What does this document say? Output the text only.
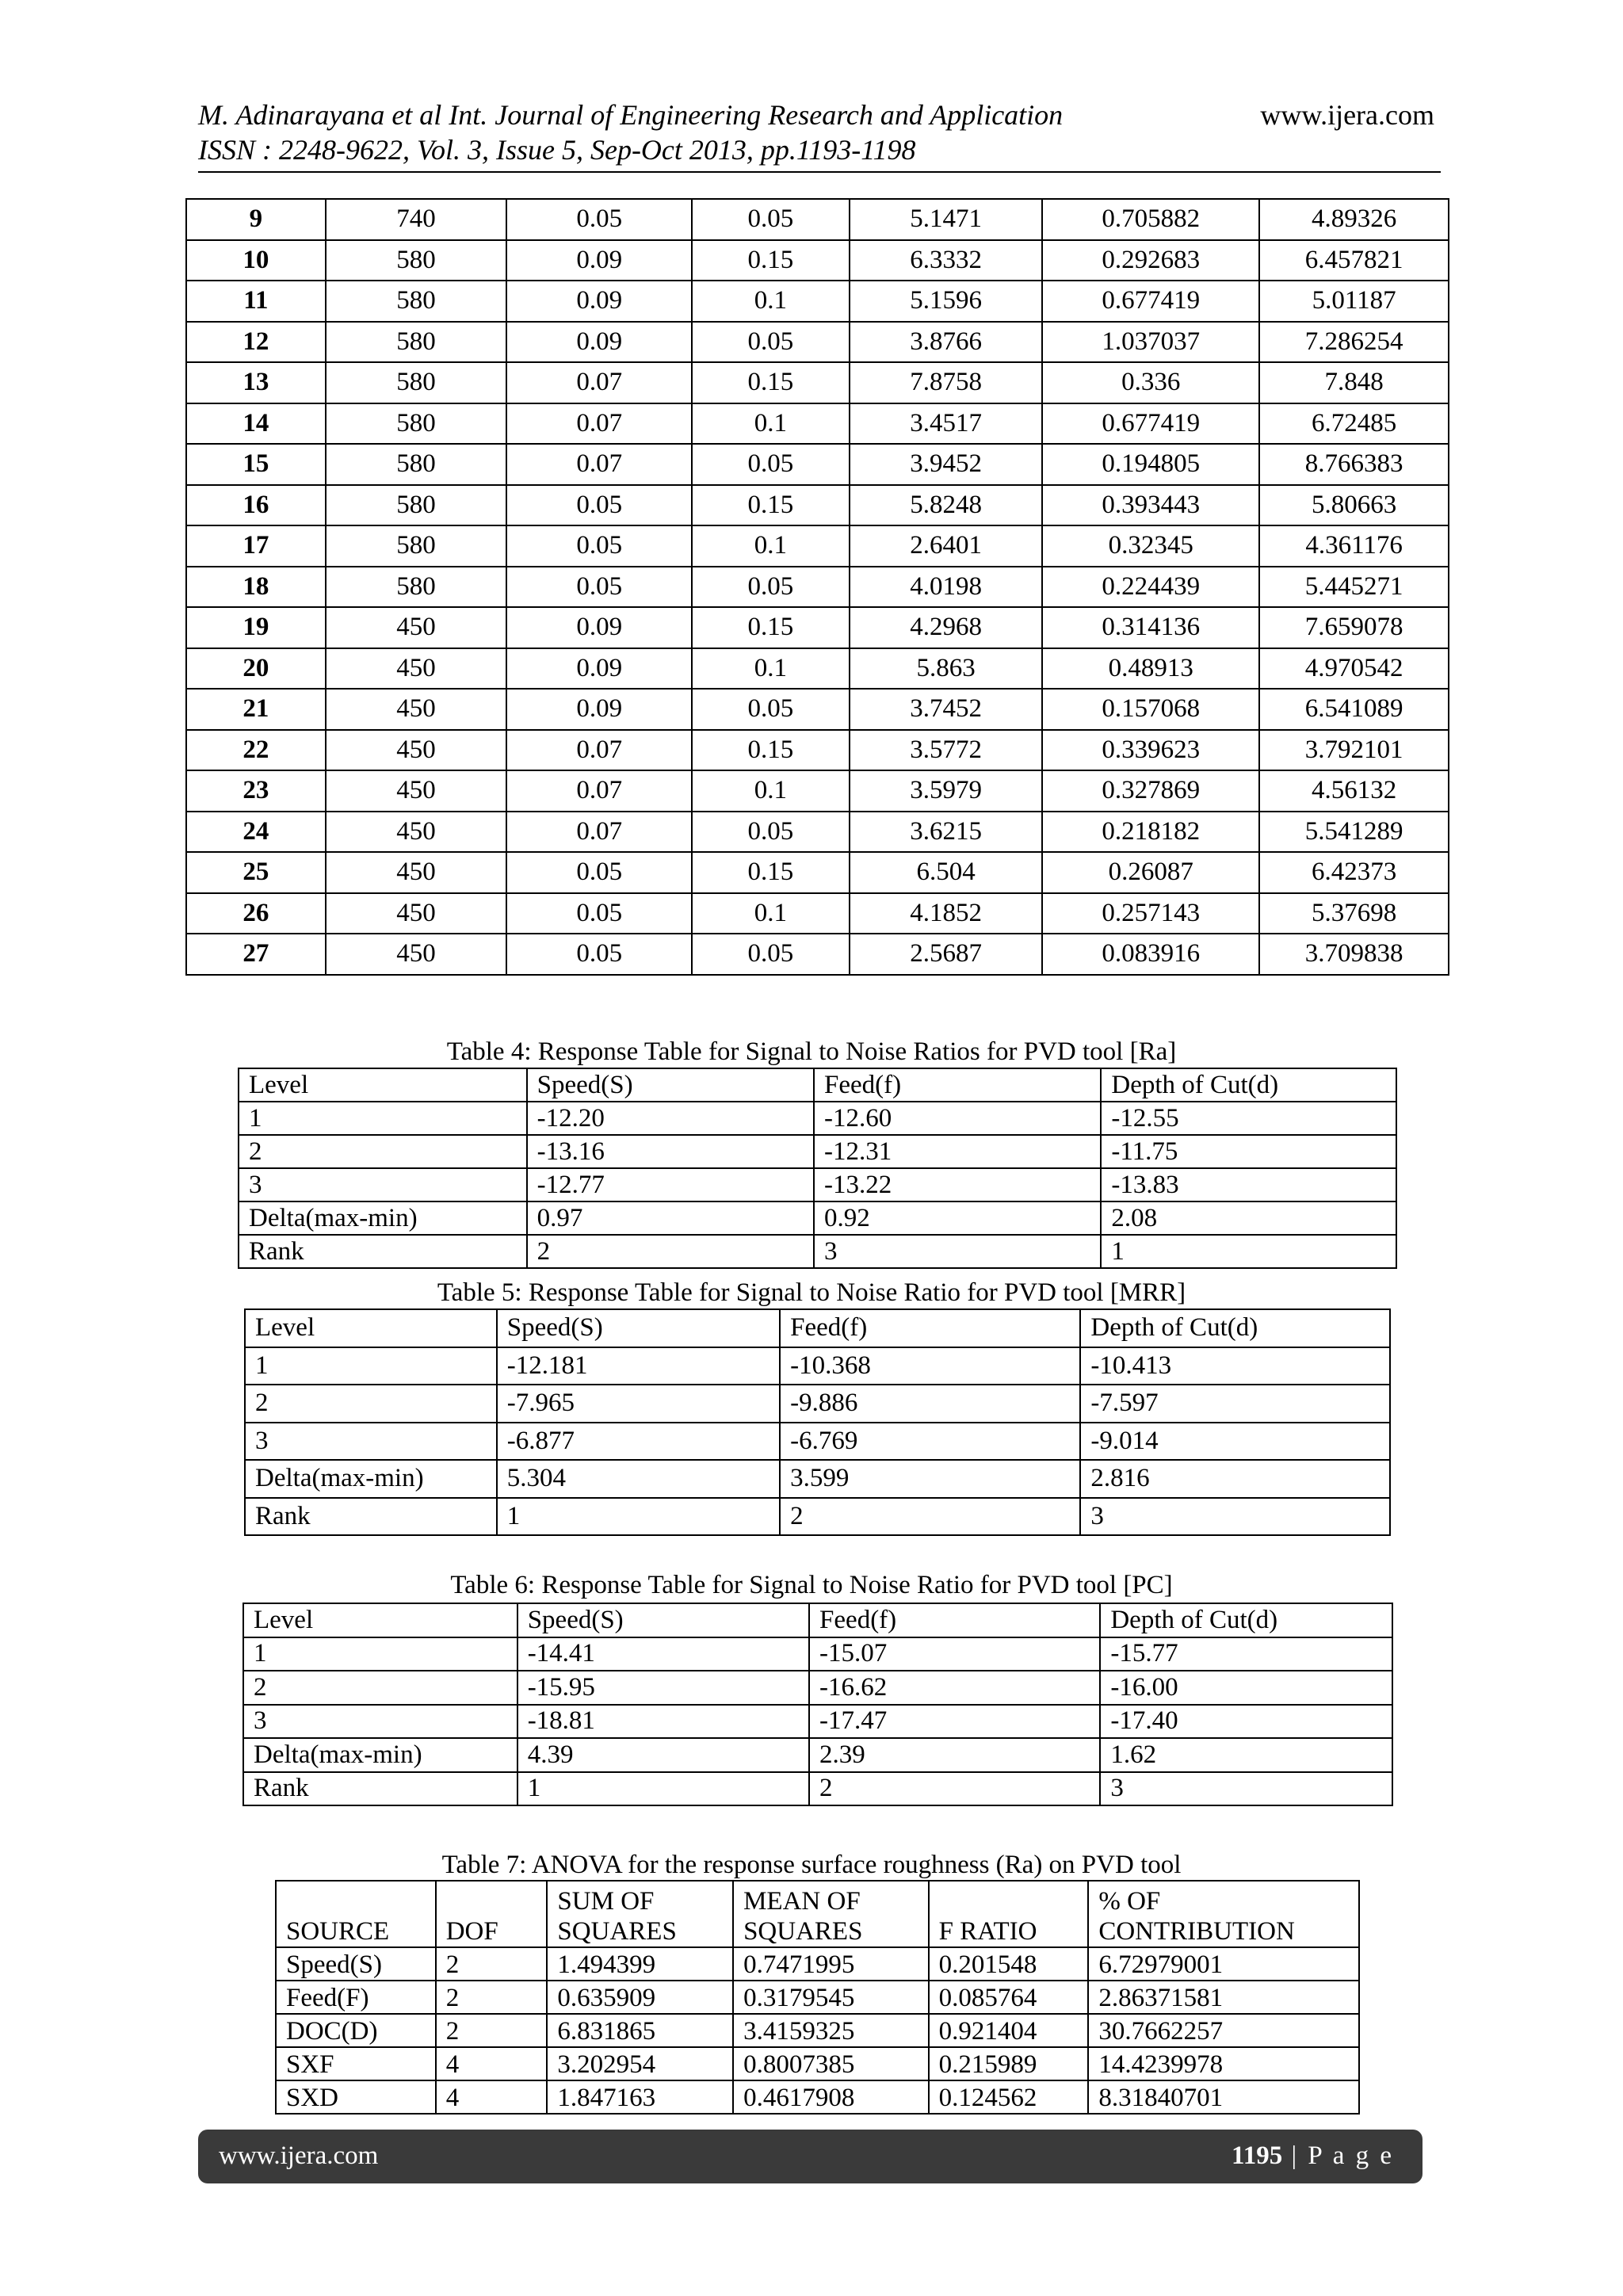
M. Adinarayana et al Int. Journal of Engineering Research and Application
ISSN : 2248-9622, Vol. 3, Issue 5, Sep-Oct 2013, pp.1193-1198
www.ijera.com
9	740	0.05	0.05	5.1471	0.705882	4.89326
10	580	0.09	0.15	6.3332	0.292683	6.457821
11	580	0.09	0.1	5.1596	0.677419	5.01187
12	580	0.09	0.05	3.8766	1.037037	7.286254
13	580	0.07	0.15	7.8758	0.336	7.848
14	580	0.07	0.1	3.4517	0.677419	6.72485
15	580	0.07	0.05	3.9452	0.194805	8.766383
16	580	0.05	0.15	5.8248	0.393443	5.80663
17	580	0.05	0.1	2.6401	0.32345	4.361176
18	580	0.05	0.05	4.0198	0.224439	5.445271
19	450	0.09	0.15	4.2968	0.314136	7.659078
20	450	0.09	0.1	5.863	0.48913	4.970542
21	450	0.09	0.05	3.7452	0.157068	6.541089
22	450	0.07	0.15	3.5772	0.339623	3.792101
23	450	0.07	0.1	3.5979	0.327869	4.56132
24	450	0.07	0.05	3.6215	0.218182	5.541289
25	450	0.05	0.15	6.504	0.26087	6.42373
26	450	0.05	0.1	4.1852	0.257143	5.37698
27	450	0.05	0.05	2.5687	0.083916	3.709838
Table 4: Response Table for Signal to Noise Ratios for PVD tool [Ra]
Level	Speed(S)	Feed(f)	Depth of Cut(d)
1	-12.20	-12.60	-12.55
2	-13.16	-12.31	-11.75
3	-12.77	-13.22	-13.83
Delta(max-min)	0.97	0.92	2.08
Rank	2	3	1
Table 5: Response Table for Signal to Noise Ratio for PVD tool [MRR]
Level	Speed(S)	Feed(f)	Depth of Cut(d)
1	-12.181	-10.368	-10.413
2	-7.965	-9.886	-7.597
3	-6.877	-6.769	-9.014
Delta(max-min)	5.304	3.599	2.816
Rank	1	2	3
Table 6: Response Table for Signal to Noise Ratio for PVD tool [PC]
Level	Speed(S)	Feed(f)	Depth of Cut(d)
1	-14.41	-15.07	-15.77
2	-15.95	-16.62	-16.00
3	-18.81	-17.47	-17.40
Delta(max-min)	4.39	2.39	1.62
Rank	1	2	3
Table 7: ANOVA for the response surface roughness (Ra) on PVD tool
SOURCE	DOF	SUM OF SQUARES	MEAN OF SQUARES	F RATIO	% OF CONTRIBUTION
Speed(S)	2	1.494399	0.7471995	0.201548	6.72979001
Feed(F)	2	0.635909	0.3179545	0.085764	2.86371581
DOC(D)	2	6.831865	3.4159325	0.921404	30.7662257
SXF	4	3.202954	0.8007385	0.215989	14.4239978
SXD	4	1.847163	0.4617908	0.124562	8.31840701
www.ijera.com	1195 | P a g e
